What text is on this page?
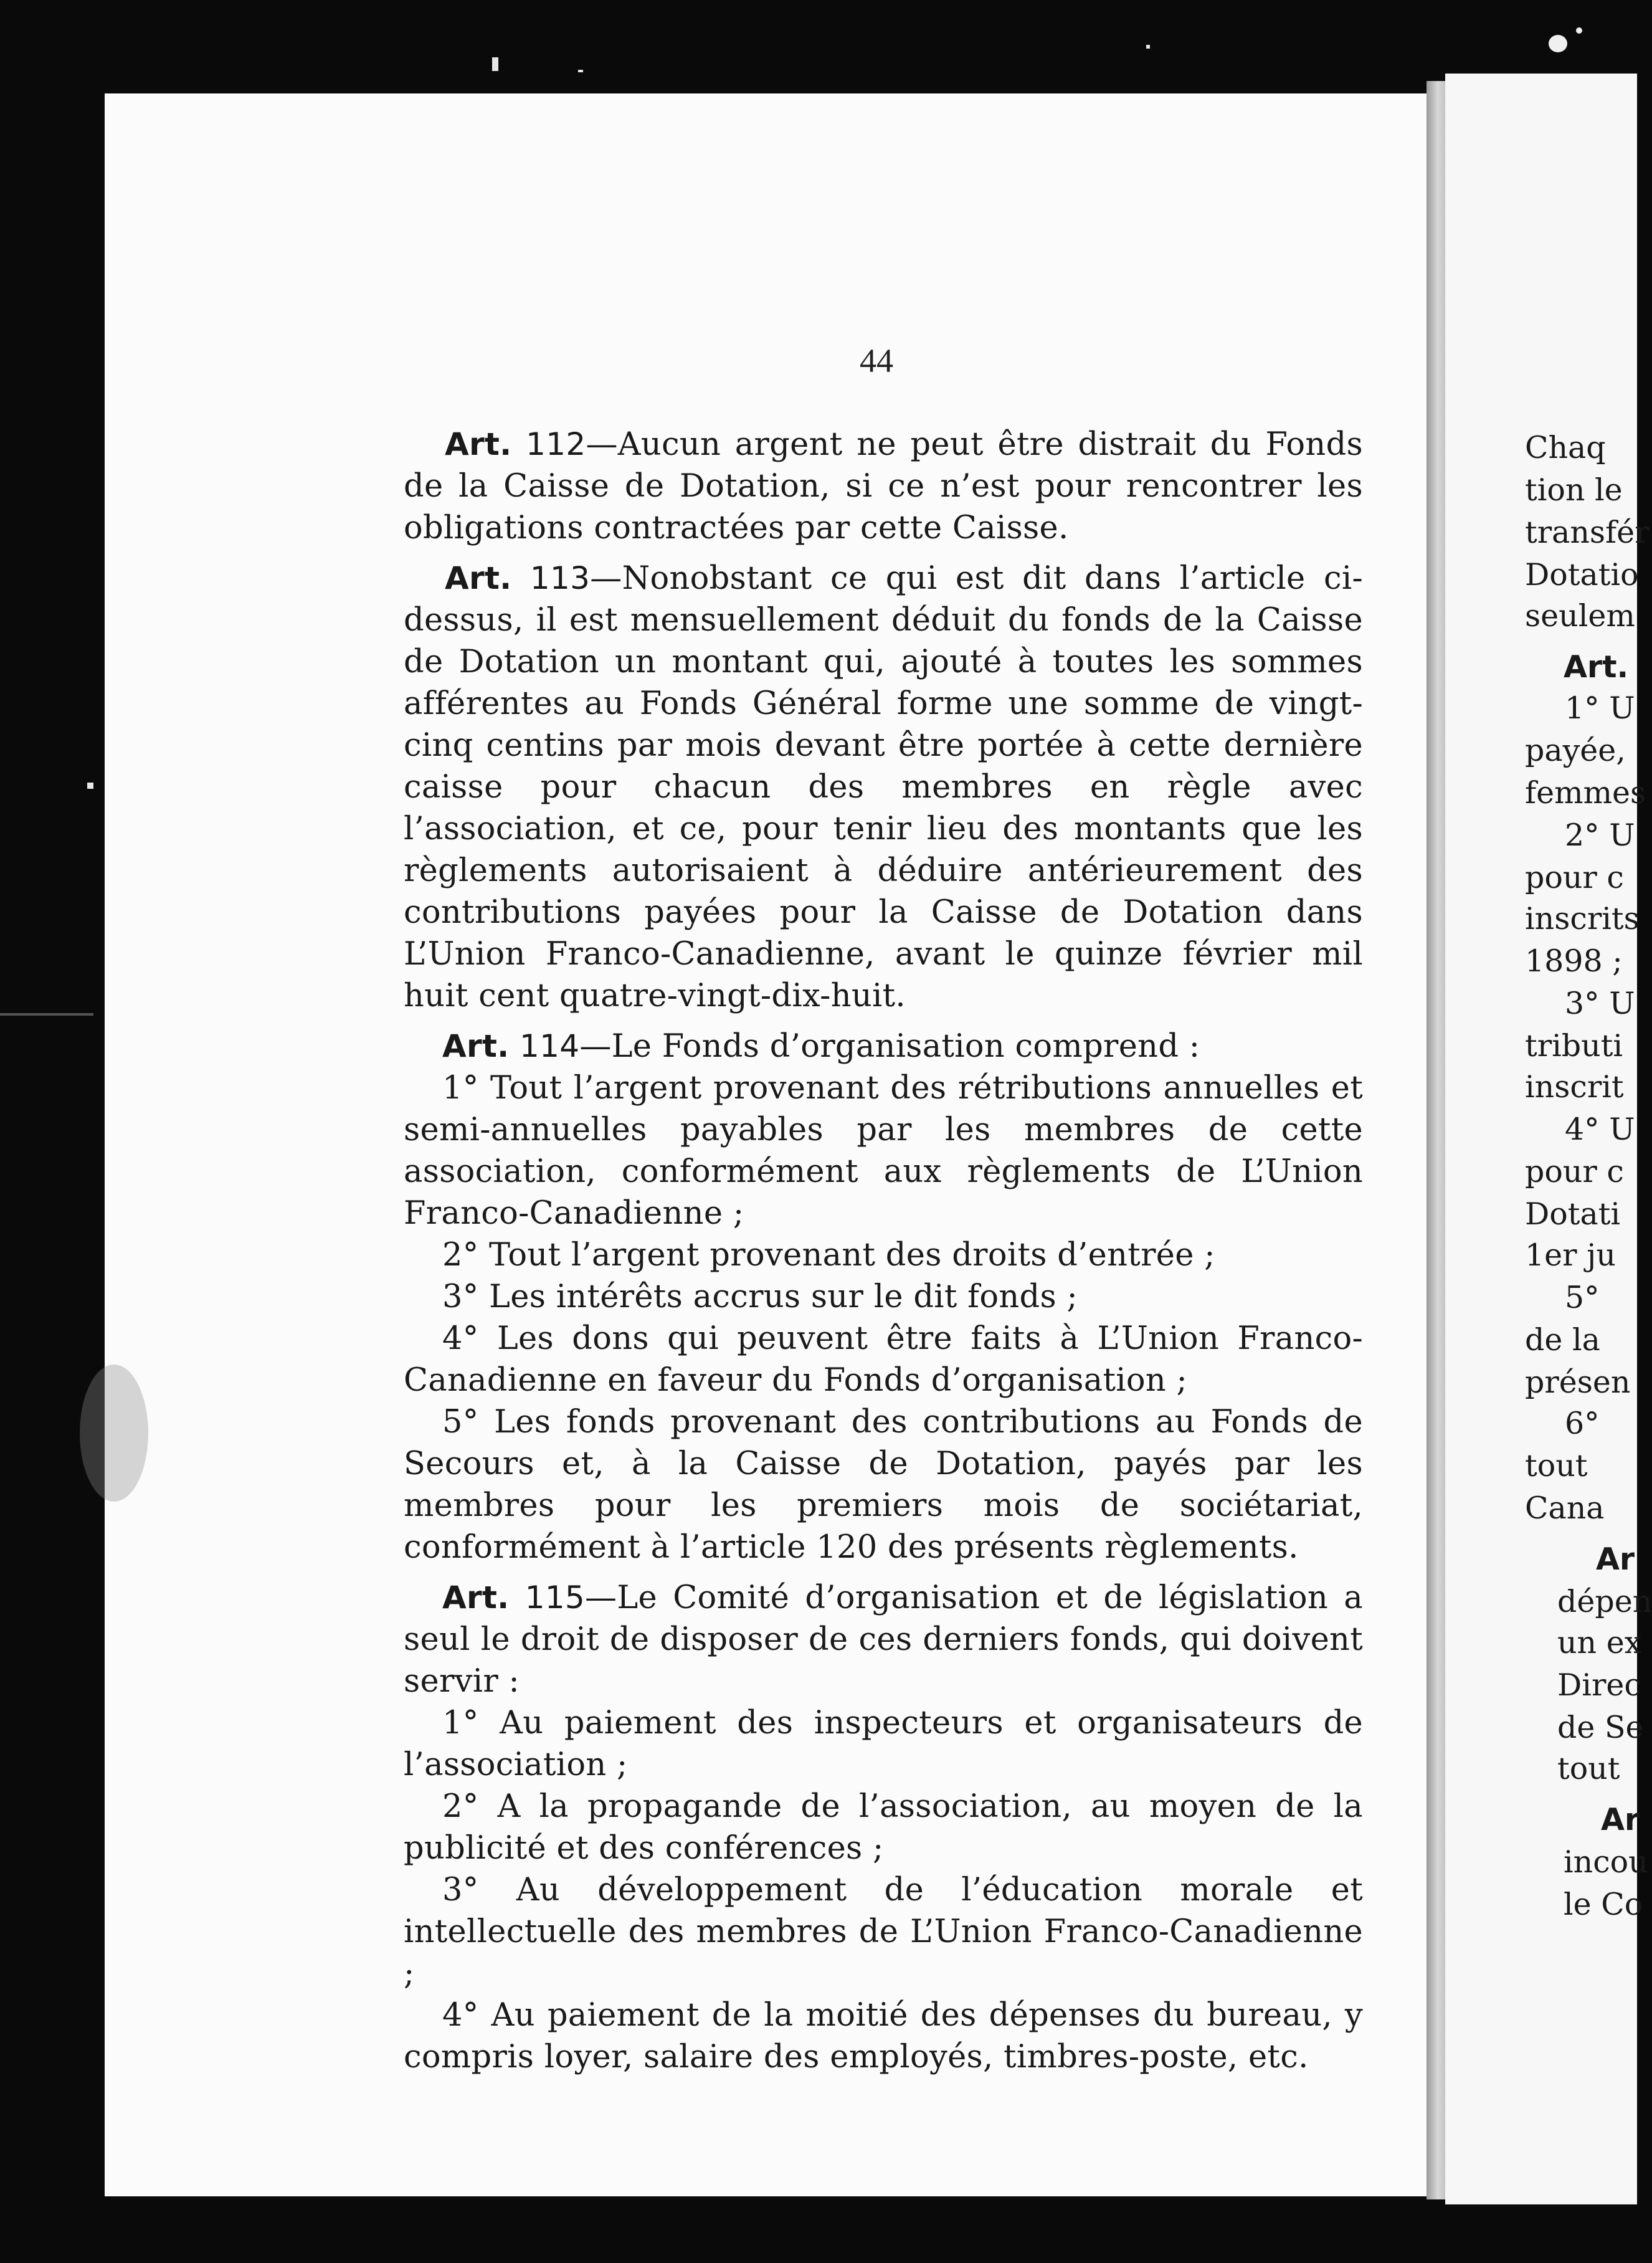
44

Art. 112—Aucun argent ne peut être distrait du Fonds de la Caisse de Dotation, si ce n’est pour rencontrer les obligations contractées par cette Caisse.

Art. 113—Nonobstant ce qui est dit dans l’article ci-dessus, il est mensuellement déduit du fonds de la Caisse de Dotation un montant qui, ajouté à toutes les sommes afférentes au Fonds Général forme une somme de vingt-cinq centins par mois devant être portée à cette dernière caisse pour chacun des membres en règle avec l’association, et ce, pour tenir lieu des montants que les règlements autorisaient à déduire antérieurement des contributions payées pour la Caisse de Dotation dans L’Union Franco-Canadienne, avant le quinze février mil huit cent quatre-vingt-dix-huit.

Art. 114—Le Fonds d’organisation comprend :

1° Tout l’argent provenant des rétributions annuelles et semi-annuelles payables par les membres de cette association, conformément aux règlements de L’Union Franco-Canadienne ;

2° Tout l’argent provenant des droits d’entrée ;

3° Les intérêts accrus sur le dit fonds ;

4° Les dons qui peuvent être faits à L’Union Franco-Canadienne en faveur du Fonds d’organisation ;

5° Les fonds provenant des contributions au Fonds de Secours et, à la Caisse de Dotation, payés par les membres pour les premiers mois de sociétariat, conformément à l’article 120 des présents règlements.

Art. 115—Le Comité d’organisation et de législation a seul le droit de disposer de ces derniers fonds, qui doivent servir :

1° Au paiement des inspecteurs et organisateurs de l’association ;

2° A la propagande de l’association, au moyen de la publicité et des conférences ;

3° Au développement de l’éducation morale et intellectuelle des membres de L’Union Franco-Canadienne ;

4° Au paiement de la moitié des dépenses du bureau, y compris loyer, salaire des employés, timbres-poste, etc.

Chaq
tion le
transfér
Dotatio
seulem
Art.
1° U
payée,
femmes
2° U
pour c
inscrits
1898 ;
3° U
tributi
inscrit
4° U
pour c
Dotati
1er ju
5°
de la
présen
6°
tout
Cana
Ar
dépen
un ex
Direc
de Se
tout
Ar
incou
le Co
